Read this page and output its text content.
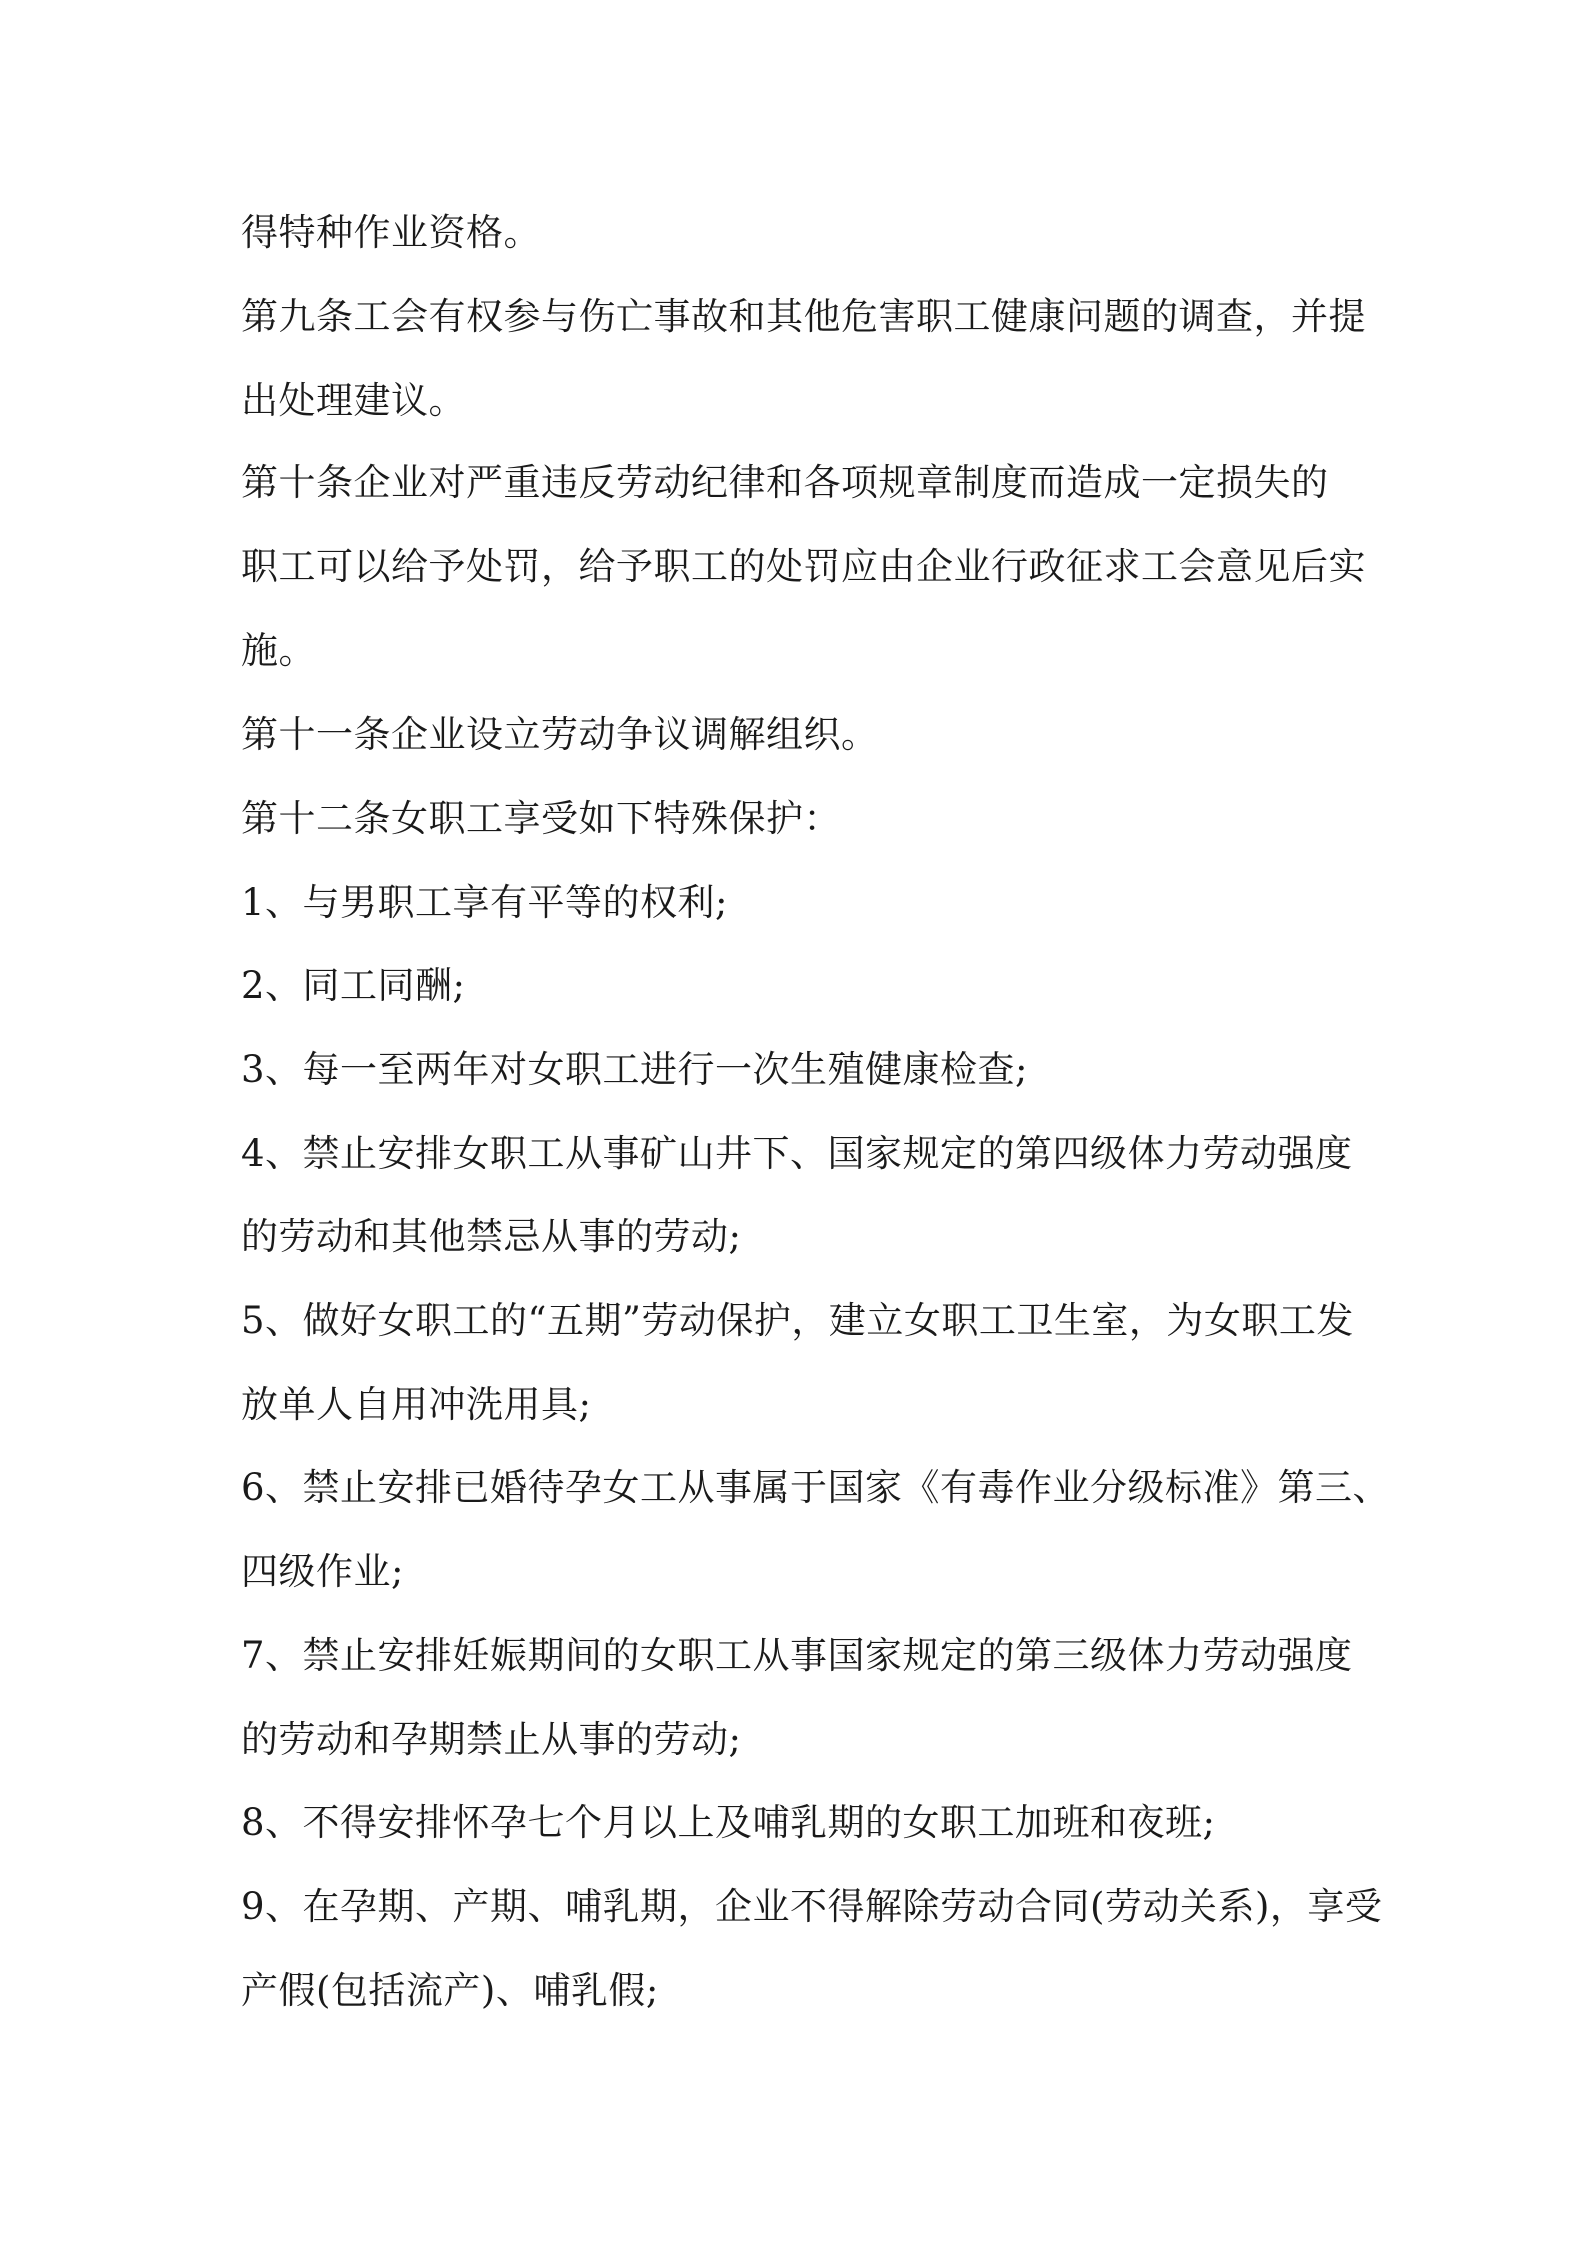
得特种作业资格。
第九条工会有权参与伤亡事故和其他危害职工健康问题的调查，并提
出处理建议。
第十条企业对严重违反劳动纪律和各项规章制度而造成一定损失的
职工可以给予处罚，给予职工的处罚应由企业行政征求工会意见后实
施。
第十一条企业设立劳动争议调解组织。
第十二条女职工享受如下特殊保护：
1、与男职工享有平等的权利;
2、同工同酬;
3、每一至两年对女职工进行一次生殖健康检查;
4、禁止安排女职工从事矿山井下、国家规定的第四级体力劳动强度
的劳动和其他禁忌从事的劳动;
5、做好女职工的“五期”劳动保护，建立女职工卫生室，为女职工发
放单人自用冲洗用具;
6、禁止安排已婚待孕女工从事属于国家《有毒作业分级标准》第三、
四级作业;
7、禁止安排妊娠期间的女职工从事国家规定的第三级体力劳动强度
的劳动和孕期禁止从事的劳动;
8、不得安排怀孕七个月以上及哺乳期的女职工加班和夜班;
9、在孕期、产期、哺乳期，企业不得解除劳动合同(劳动关系)，享受
产假(包括流产)、哺乳假;
